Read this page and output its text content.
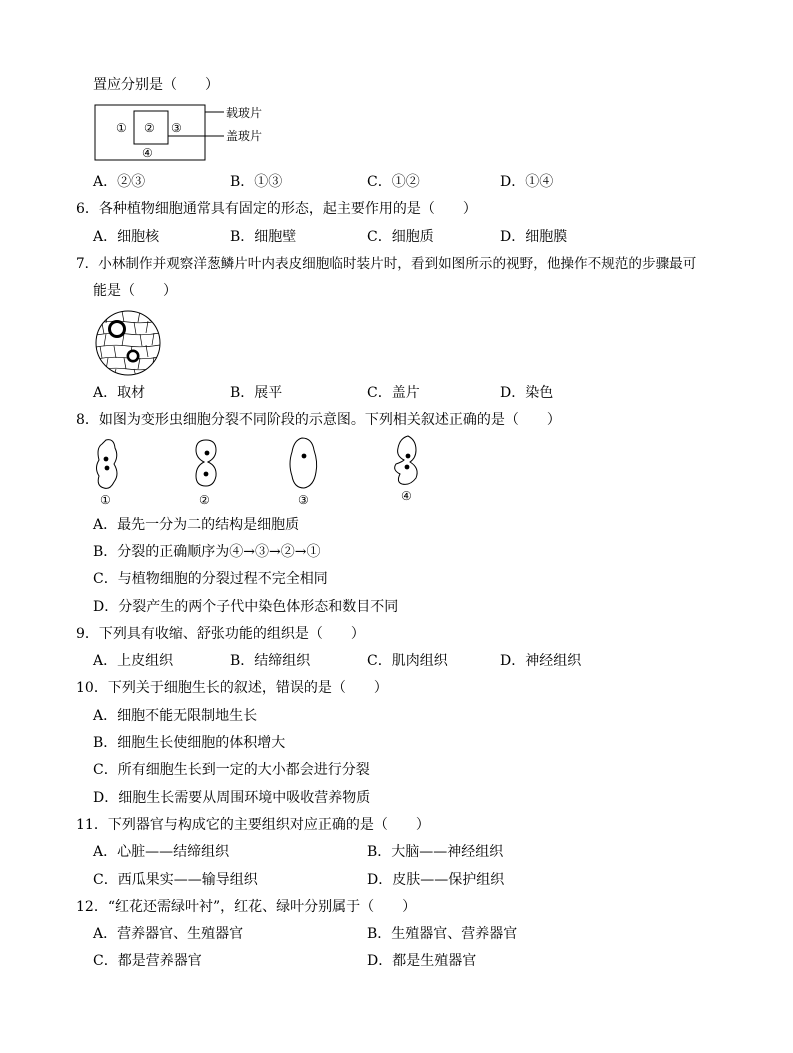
置应分别是（　　）
① ② ③
④
载玻片
盖玻片
A．②③	B．①③	C．①②	D．①④
6．各种植物细胞通常具有固定的形态，起主要作用的是（　　）
A．细胞核	B．细胞壁	C．细胞质	D．细胞膜
7．小林制作并观察洋葱鳞片叶内表皮细胞临时装片时，看到如图所示的视野，他操作不规范的步骤最可
能是（　　）
A．取材	B．展平	C．盖片	D．染色
8．如图为变形虫细胞分裂不同阶段的示意图。下列相关叙述正确的是（　　）
①	②	③	④
A．最先一分为二的结构是细胞质
B．分裂的正确顺序为④→③→②→①
C．与植物细胞的分裂过程不完全相同
D．分裂产生的两个子代中染色体形态和数目不同
9．下列具有收缩、舒张功能的组织是（　　）
A．上皮组织	B．结缔组织	C．肌肉组织	D．神经组织
10．下列关于细胞生长的叙述，错误的是（　　）
A．细胞不能无限制地生长
B．细胞生长使细胞的体积增大
C．所有细胞生长到一定的大小都会进行分裂
D．细胞生长需要从周围环境中吸收营养物质
11．下列器官与构成它的主要组织对应正确的是（　　）
A．心脏——结缔组织	B．大脑——神经组织
C．西瓜果实——输导组织	D．皮肤——保护组织
12．“红花还需绿叶衬”，红花、绿叶分别属于（　　）
A．营养器官、生殖器官	B．生殖器官、营养器官
C．都是营养器官	D．都是生殖器官
